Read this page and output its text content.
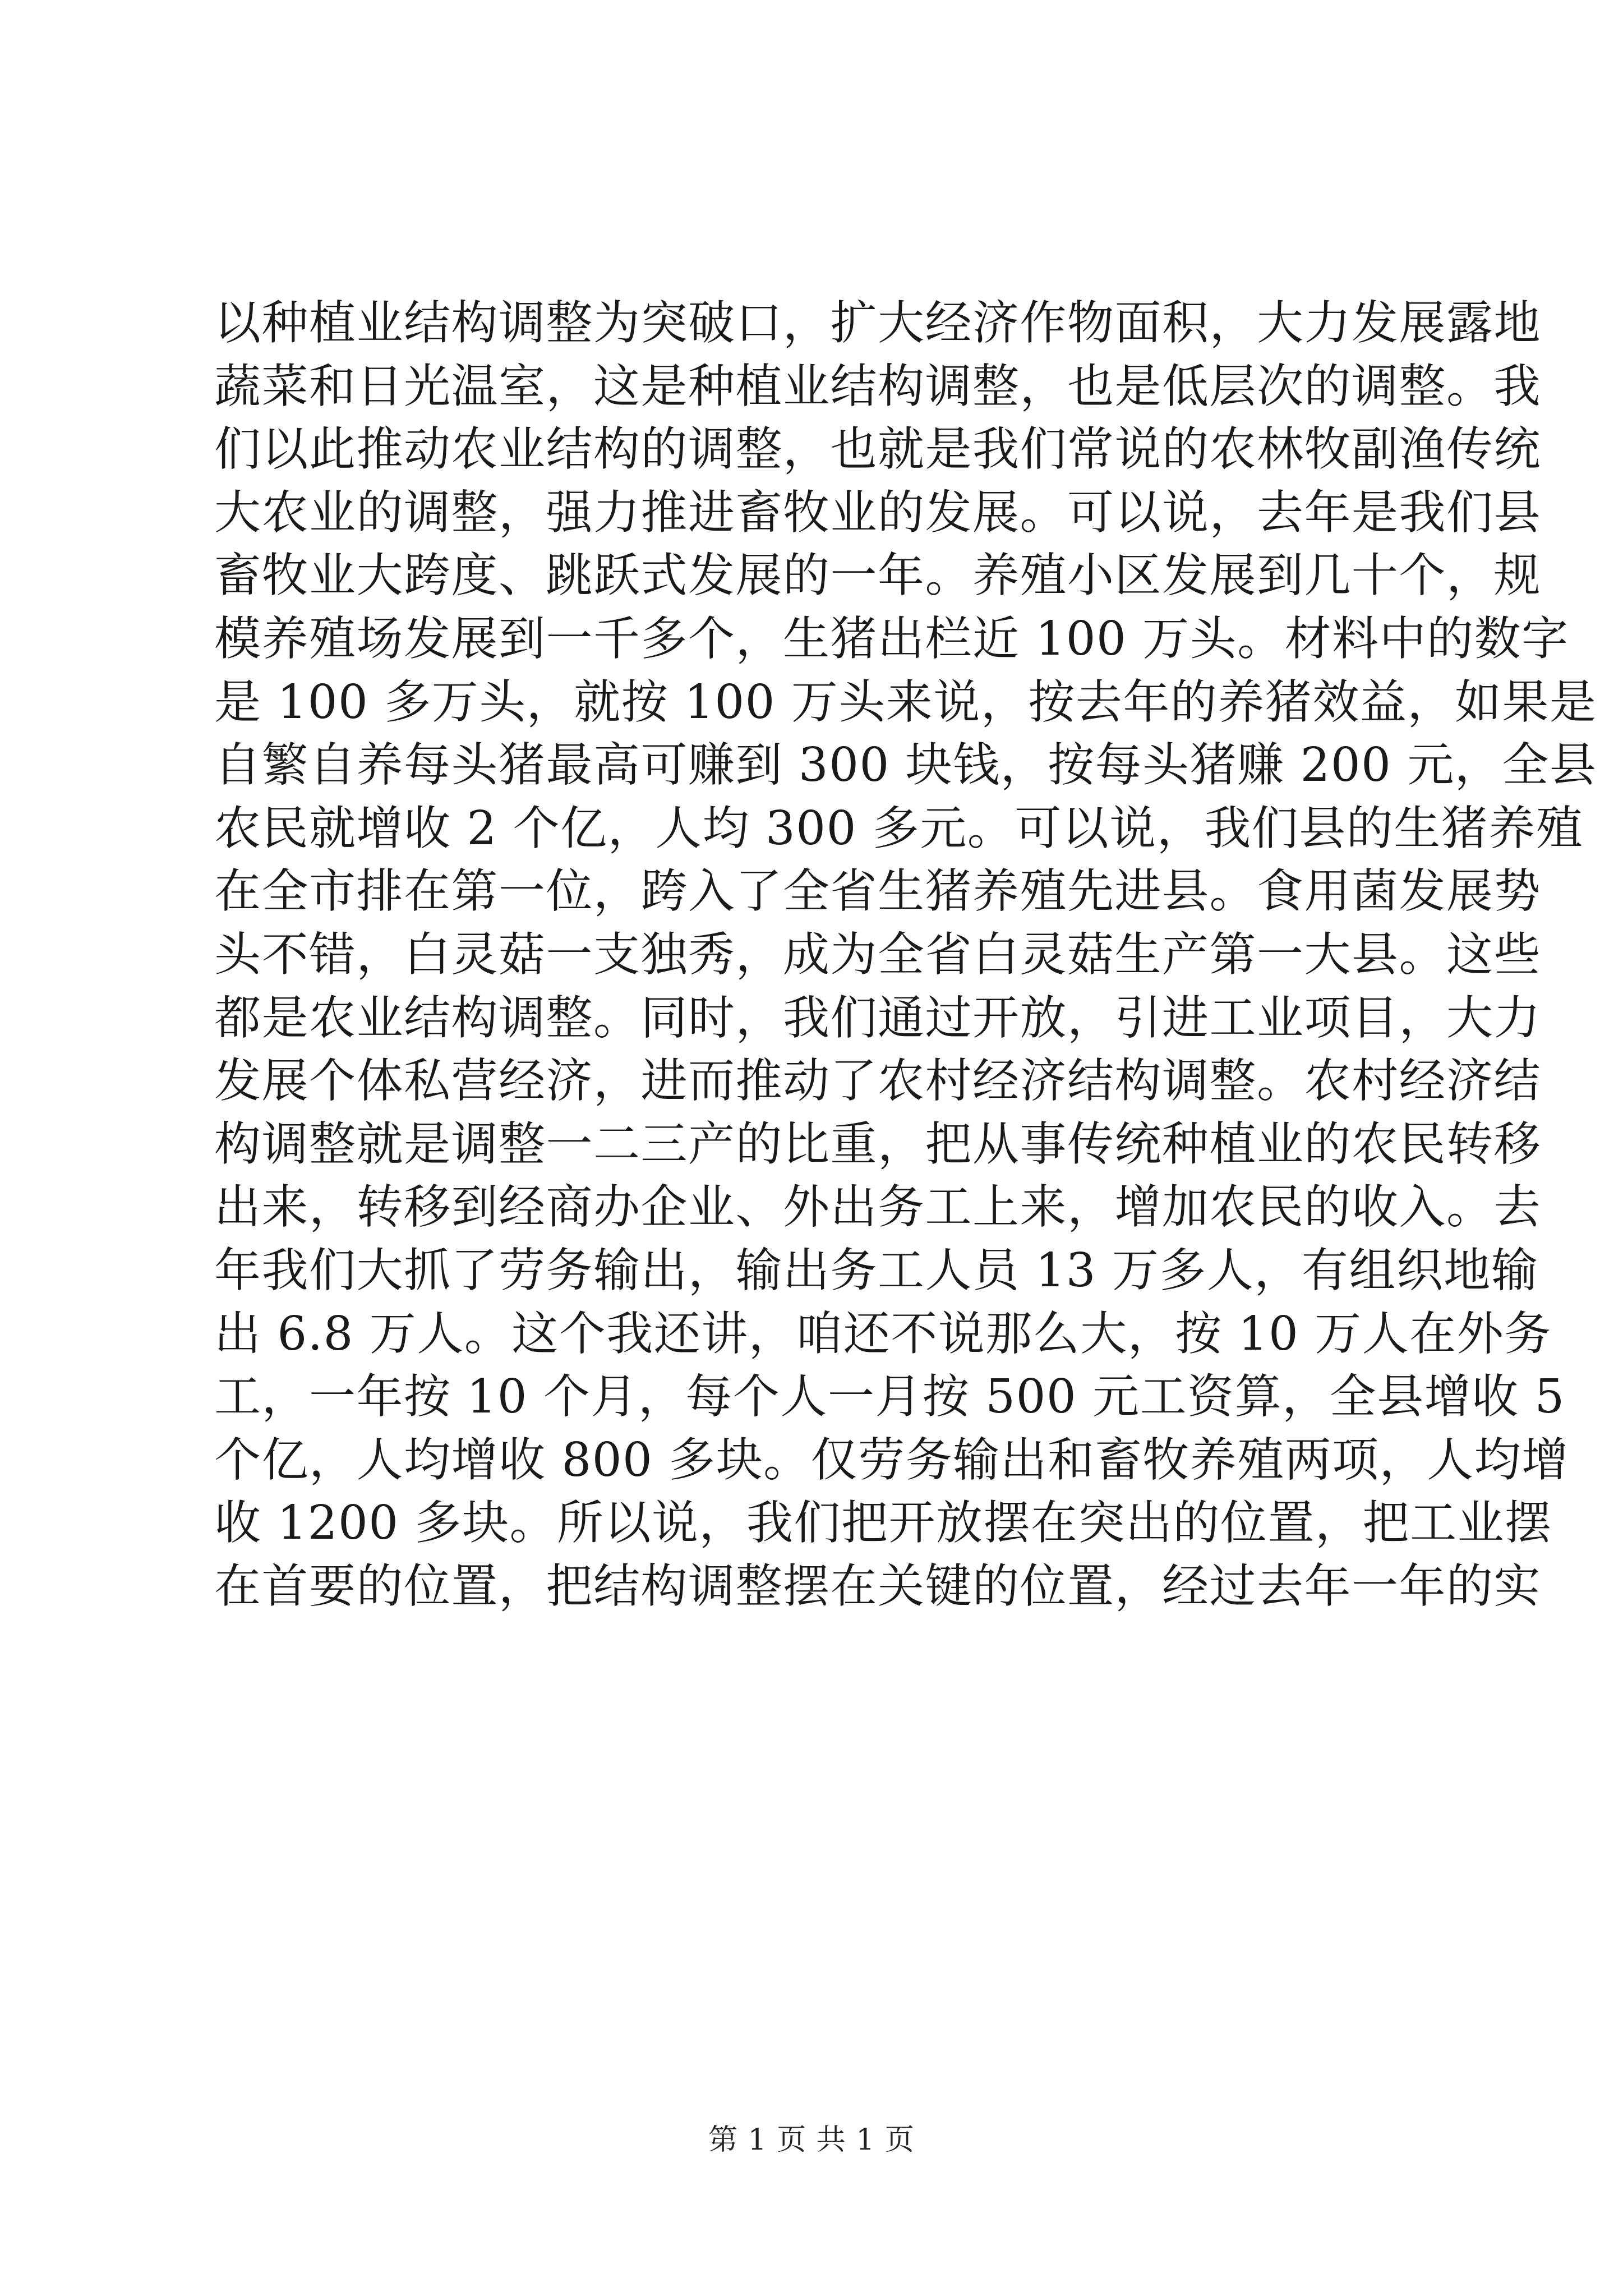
以种植业结构调整为突破口，扩大经济作物面积，大力发展露地
蔬菜和日光温室，这是种植业结构调整，也是低层次的调整。我
们以此推动农业结构的调整，也就是我们常说的农林牧副渔传统
大农业的调整，强力推进畜牧业的发展。可以说，去年是我们县
畜牧业大跨度、跳跃式发展的一年。养殖小区发展到几十个，规
模养殖场发展到一千多个，生猪出栏近 100 万头。材料中的数字
是 100 多万头，就按 100 万头来说，按去年的养猪效益，如果是
自繁自养每头猪最高可赚到 300 块钱，按每头猪赚 200 元，全县
农民就增收 2 个亿，人均 300 多元。可以说，我们县的生猪养殖
在全市排在第一位，跨入了全省生猪养殖先进县。食用菌发展势
头不错，白灵菇一支独秀，成为全省白灵菇生产第一大县。这些
都是农业结构调整。同时，我们通过开放，引进工业项目，大力
发展个体私营经济，进而推动了农村经济结构调整。农村经济结
构调整就是调整一二三产的比重，把从事传统种植业的农民转移
出来，转移到经商办企业、外出务工上来，增加农民的收入。去
年我们大抓了劳务输出，输出务工人员 13 万多人，有组织地输
出 6.8 万人。这个我还讲，咱还不说那么大，按 10 万人在外务
工，一年按 10 个月，每个人一月按 500 元工资算，全县增收 5
个亿，人均增收 800 多块。仅劳务输出和畜牧养殖两项，人均增
收 1200 多块。所以说，我们把开放摆在突出的位置，把工业摆
在首要的位置，把结构调整摆在关键的位置，经过去年一年的实
第 1 页 共 1 页
